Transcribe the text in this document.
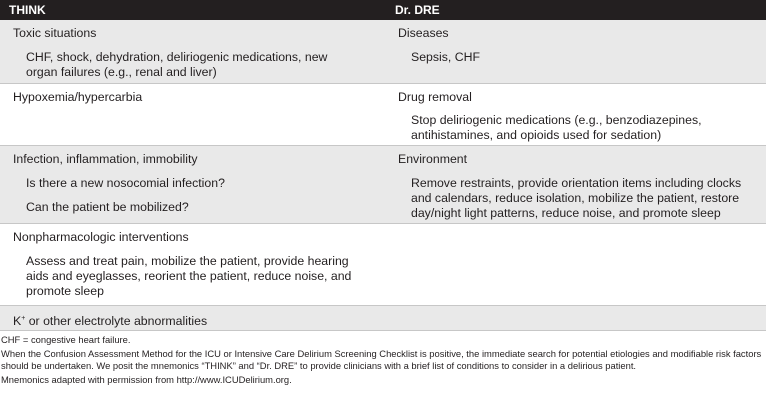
THINK	Dr. DRE
Toxic situations
CHF, shock, dehydration, deliriogenic medications, new organ failures (e.g., renal and liver)
Diseases
Sepsis, CHF
Hypoxemia/hypercarbia	Drug removal
Stop deliriogenic medications (e.g., benzodiazepines, antihistamines, and opioids used for sedation)
Infection, inflammation, immobility
Is there a new nosocomial infection?
Can the patient be mobilized?
Environment
Remove restraints, provide orientation items including clocks and calendars, reduce isolation, mobilize the patient, restore day/night light patterns, reduce noise, and promote sleep
Nonpharmacologic interventions
Assess and treat pain, mobilize the patient, provide hearing aids and eyeglasses, reorient the patient, reduce noise, and promote sleep
K+ or other electrolyte abnormalities

CHF = congestive heart failure.

When the Confusion Assessment Method for the ICU or Intensive Care Delirium Screening Checklist is positive, the immediate search for potential etiologies and modifiable risk factors should be undertaken. We posit the mnemonics “THINK” and “Dr. DRE” to provide clinicians with a brief list of conditions to consider in a delirious patient.

Mnemonics adapted with permission from http://www.ICUDelirium.org.
